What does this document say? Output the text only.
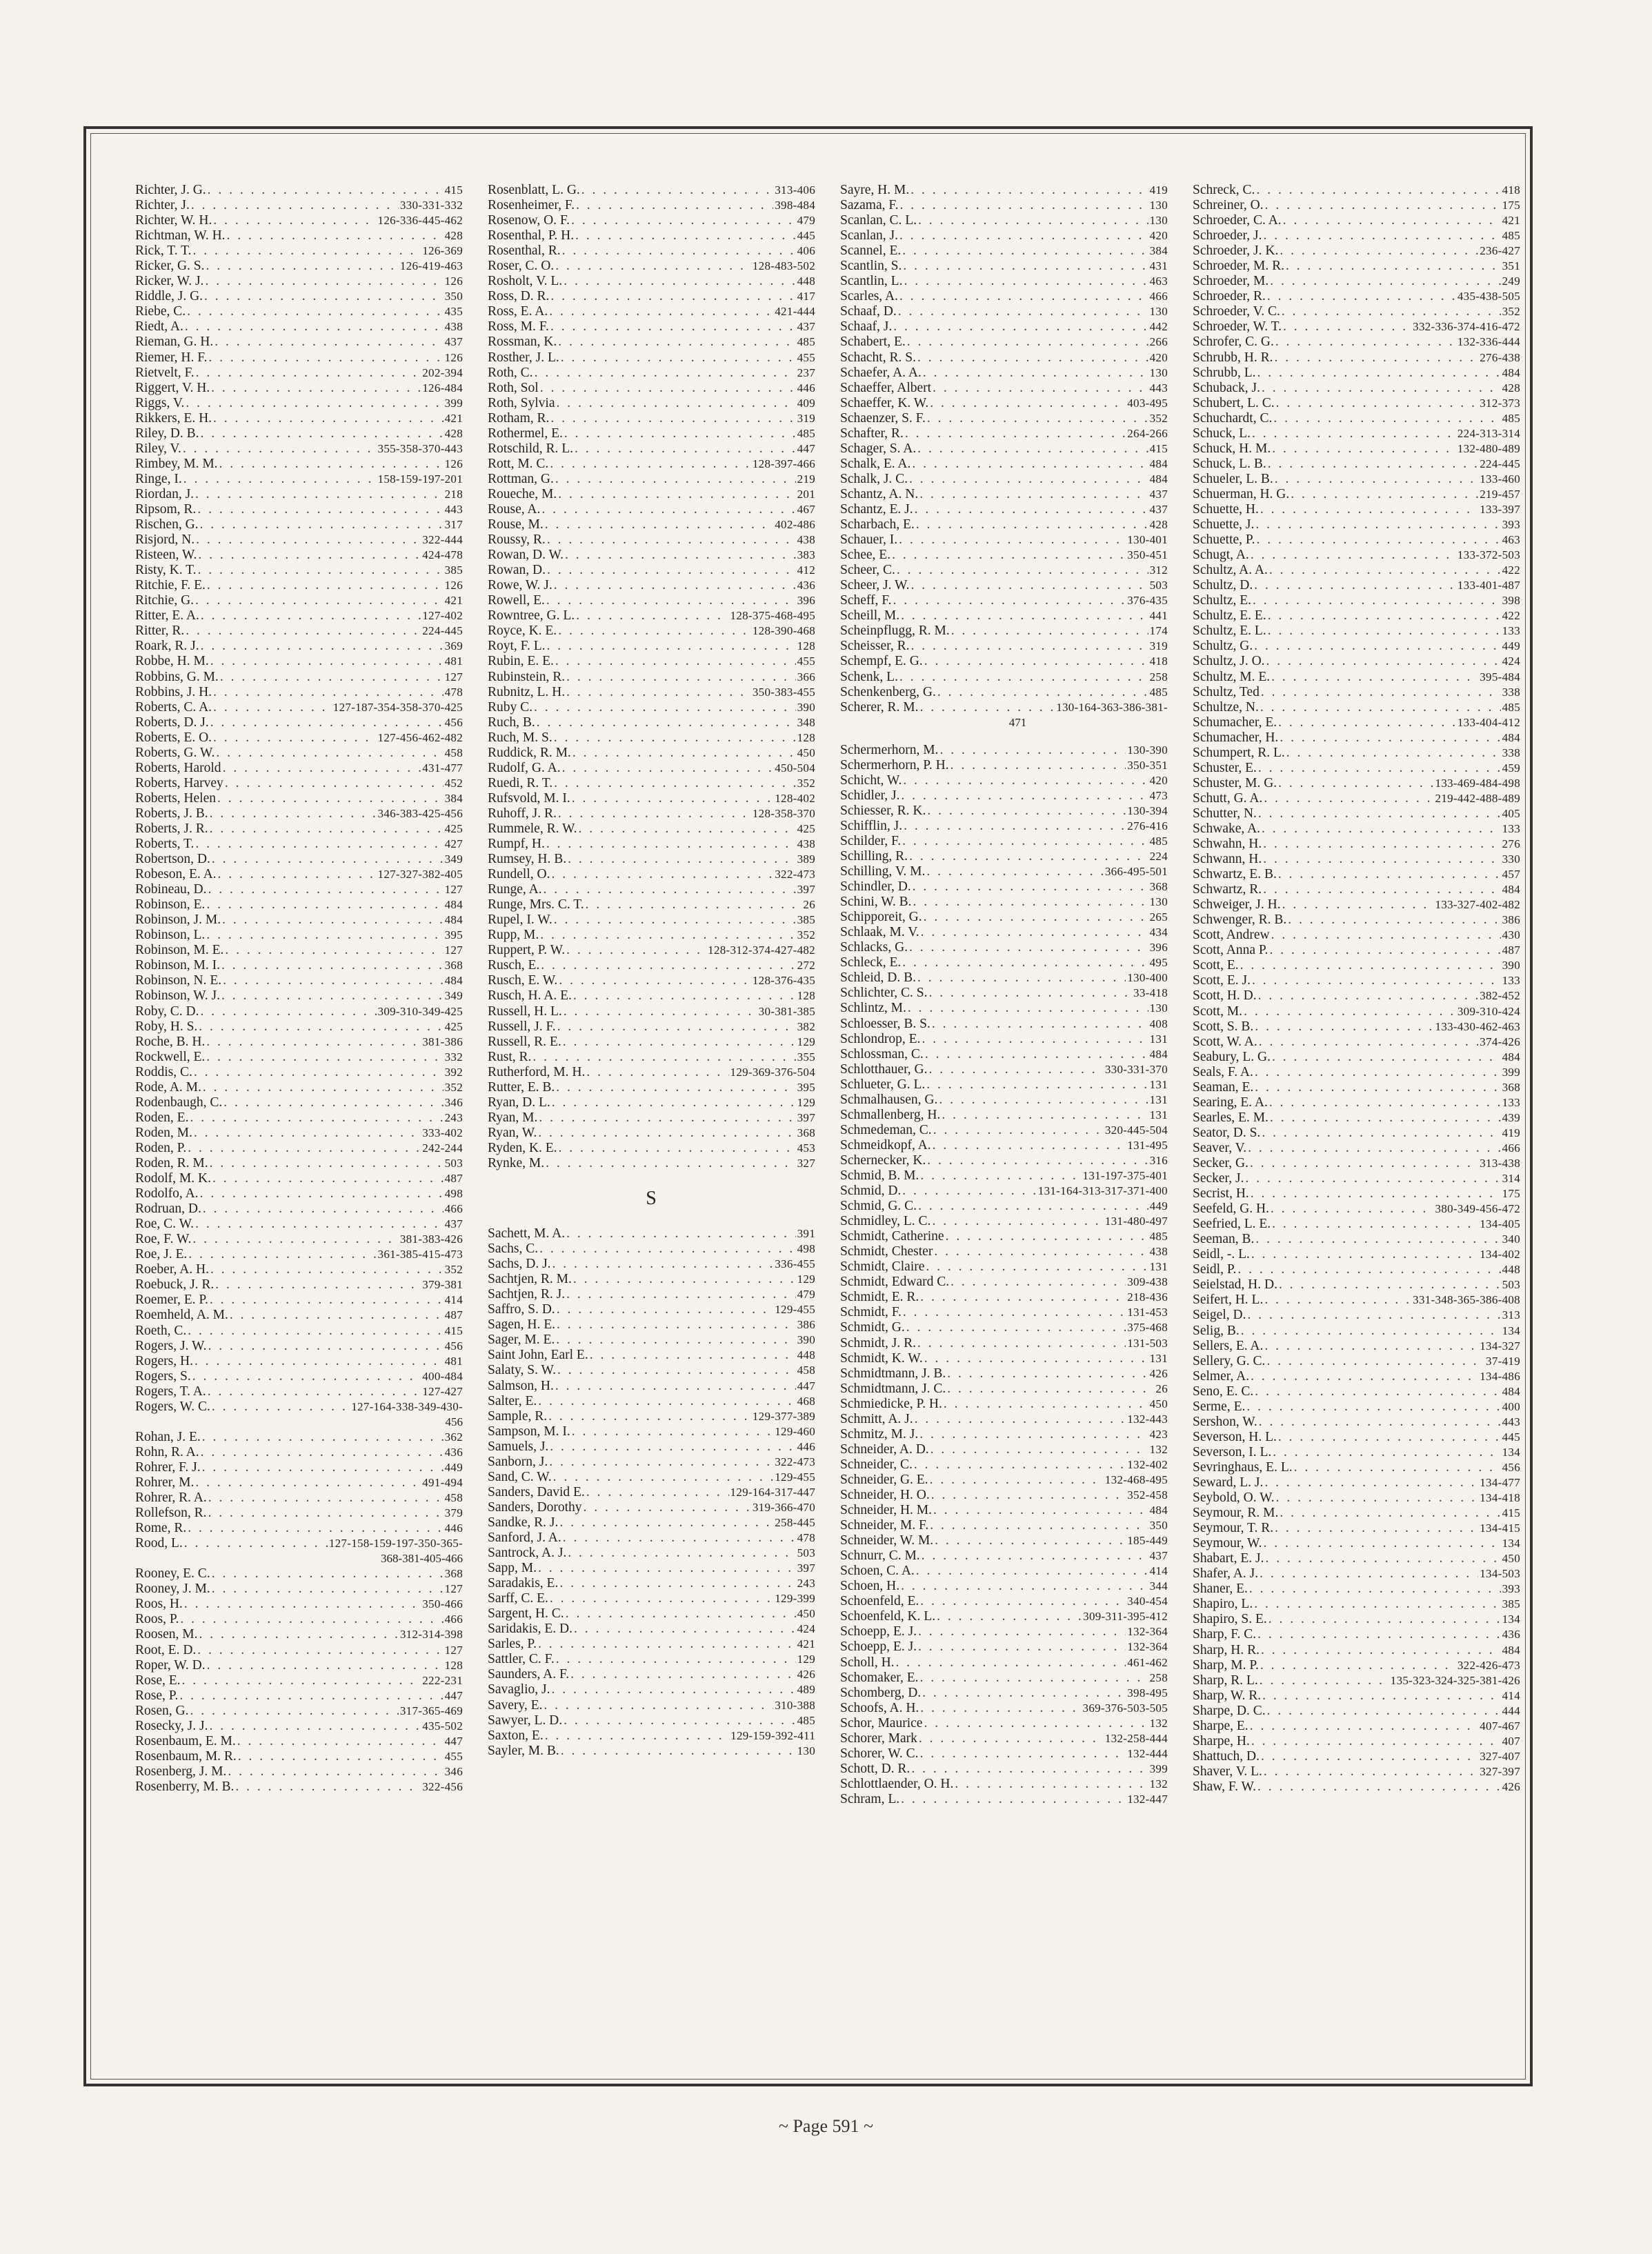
Richter, J. G. . . .	415
Richter, J. . . .	330-331-332
Richter, W. H. . . .	126-336-445-462
Richtman, W. H. . . .	428
Rick, T. T. . . .	126-369
Ricker, G. S. . . .	126-419-463
Ricker, W. J. . . .	126
Riddle, J. G. . . .	350
Riebe, C. . . .	435
Riedt, A. . . .	438
Rieman, G. H. . . .	437
Riemer, H. F. . . .	126
Rietvelt, F. . . .	202-394
Riggert, V. H. . . .	126-484
Riggs, V. . . .	399
Rikkers, E. H. . . .	421
Riley, D. B. . . .	428
Riley, V. . . .	355-358-370-443
Rimbey, M. M. . . .	126
Ringe, I. . . .	158-159-197-201
Riordan, J. . . .	218
Ripsom, R. . . .	443
Rischen, G. . . .	317
Risjord, N. . . .	322-444
Risteen, W. . . .	424-478
Risty, K. T. . . .	385
Ritchie, F. E. . . .	126
Ritchie, G. . . .	421
Ritter, E. A. . . .	127-402
Ritter, R. . . .	224-445
Roark, R. J. . . .	369
Robbe, H. M. . . .	481
Robbins, G. M. . . .	127
Robbins, J. H. . . .	478
Roberts, C. A. . . .	127-187-354-358-370-425
Roberts, D. J. . . .	456
Roberts, E. O. . . .	127-456-462-482
Roberts, G. W. . . .	458
Roberts, Harold . . .	431-477
Roberts, Harvey . . .	452
Roberts, Helen . . .	384
Roberts, J. B. . . .	346-383-425-456
Roberts, J. R. . . .	425
Roberts, T. . . .	427
Robertson, D. . . .	349
Robeson, E. A. . . .	127-327-382-405
Robineau, D. . . .	127
Robinson, E. . . .	484
Robinson, J. M. . . .	484
Robinson, L. . . .	395
Robinson, M. E. . . .	127
Robinson, M. I. . . .	368
Robinson, N. E. . . .	484
Robinson, W. J. . . .	349
Roby, C. D. . . .	309-310-349-425
Roby, H. S. . . .	425
Roche, B. H. . . .	381-386
Rockwell, E. . . .	332
Roddis, C. . . .	392
Rode, A. M. . . .	352
Rodenbaugh, C. . . .	346
Roden, E. . . .	243
Roden, M. . . .	333-402
Roden, P. . . .	242-244
Roden, R. M. . . .	503
Rodolf, M. K. . . .	487
Rodolfo, A. . . .	498
Rodruan, D. . . .	466
Roe, C. W. . . .	437
Roe, F. W. . . .	381-383-426
Roe, J. E. . . .	361-385-415-473
Roeber, A. H. . . .	352
Roebuck, J. R. . . .	379-381
Roemer, E. P. . . .	414
Roemheld, A. M. . . .	487
Roeth, C. . . .	415
Rogers, J. W. . . .	456
Rogers, H. . . .	481
Rogers, S. . . .	400-484
Rogers, T. A. . . .	127-427
Rogers, W. C. . . .	127-164-338-349-430-
456
Rohan, J. E. . . .	362
Rohn, R. A. . . .	436
Rohrer, F. J. . . .	449
Rohrer, M. . . .	491-494
Rohrer, R. A. . . .	458
Rollefson, R. . . .	379
Rome, R. . . .	446
Rood, L. . . .	127-158-159-197-350-365-
368-381-405-466
Rooney, E. C. . . .	368
Rooney, J. M. . . .	127
Roos, H. . . .	350-466
Roos, P. . . .	466
Roosen, M. . . .	312-314-398
Root, E. D. . . .	127
Roper, W. D. . . .	128
Rose, E. . . .	222-231
Rose, P. . . .	447
Rosen, G. . . .	317-365-469
Rosecky, J. J. . . .	435-502
Rosenbaum, E. M. . . .	447
Rosenbaum, M. R. . . .	455
Rosenberg, J. M. . . .	346
Rosenberry, M. B. . . .	322-456
Rosenblatt, L. G. . . .	313-406
Rosenheimer, F. . . .	398-484
Rosenow, O. F. . . .	479
Rosenthal, P. H. . . .	445
Rosenthal, R. . . .	406
Roser, C. O. . . .	128-483-502
Rosholt, V. L. . . .	448
Ross, D. R. . . .	417
Ross, E. A. . . .	421-444
Ross, M. F. . . .	437
Rossman, K. . . .	485
Rosther, J. L. . . .	455
Roth, C. . . .	237
Roth, Sol . . .	446
Roth, Sylvia . . .	409
Rotham, R. . . .	319
Rothermel, E. . . .	485
Rotschild, R. L. . . .	447
Rott, M. C. . . .	128-397-466
Rottman, G. . . .	219
Roueche, M. . . .	201
Rouse, A. . . .	467
Rouse, M. . . .	402-486
Roussy, R. . . .	438
Rowan, D. W. . . .	383
Rowan, D. . . .	412
Rowe, W. J. . . .	436
Rowell, E. . . .	396
Rowntree, G. L. . . .	128-375-468-495
Royce, K. E. . . .	128-390-468
Royt, F. L. . . .	128
Rubin, E. E. . . .	455
Rubinstein, R. . . .	366
Rubnitz, L. H. . . .	350-383-455
Ruby C. . . .	390
Ruch, B. . . .	348
Ruch, M. S. . . .	128
Ruddick, R. M. . . .	450
Rudolf, G. A. . . .	450-504
Ruedi, R. T. . . .	352
Rufsvold, M. I. . . .	128-402
Ruhoff, J. R. . . .	128-358-370
Rummele, R. W. . . .	425
Rumpf, H. . . .	438
Rumsey, H. B. . . .	389
Rundell, O. . . .	322-473
Runge, A. . . .	397
Runge, Mrs. C. T. . . .	26
Rupel, I. W. . . .	385
Rupp, M. . . .	352
Ruppert, P. W. . . .	128-312-374-427-482
Rusch, E. . . .	272
Rusch, E. W. . . .	128-376-435
Rusch, H. A. E. . . .	128
Russell, H. L. . . .	30-381-385
Russell, J. F. . . .	382
Russell, R. E. . . .	129
Rust, R. . . .	355
Rutherford, M. H. . . .	129-369-376-504
Rutter, E. B. . . .	395
Ryan, D. L. . . .	129
Ryan, M. . . .	397
Ryan, W. . . .	368
Ryden, K. E. . . .	453
Rynke, M. . . .	327
S
Sachett, M. A. . . .	391
Sachs, C. . . .	498
Sachs, D. J. . . .	336-455
Sachtjen, R. M. . . .	129
Sachtjen, R. J. . . .	479
Saffro, S. D. . . .	129-455
Sagen, H. E. . . .	386
Sager, M. E. . . .	390
Saint John, Earl E. . . .	448
Salaty, S. W. . . .	458
Salmson, H. . . .	447
Salter, E. . . .	468
Sample, R. . . .	129-377-389
Sampson, M. I. . . .	129-460
Samuels, J. . . .	446
Sanborn, J. . . .	322-473
Sand, C. W. . . .	129-455
Sanders, David E. . . .	129-164-317-447
Sanders, Dorothy . . .	319-366-470
Sandke, R. J. . . .	258-445
Sanford, J. A. . . .	478
Santrock, A. J. . . .	503
Sapp, M. . . .	397
Saradakis, E. . . .	243
Sarff, C. E. . . .	129-399
Sargent, H. C. . . .	450
Saridakis, E. D. . . .	424
Sarles, P. . . .	421
Sattler, C. F. . . .	129
Saunders, A. F. . . .	426
Savaglio, J. . . .	489
Savery, E. . . .	310-388
Sawyer, L. D. . . .	485
Saxton, E. . . .	129-159-392-411
Sayler, M. B. . . .	130
Sayre, H. M. . . .	419
Sazama, F. . . .	130
Scanlan, C. L. . . .	130
Scanlan, J. . . .	420
Scannel, E. . . .	384
Scantlin, S. . . .	431
Scantlin, L. . . .	463
Scarles, A. . . .	466
Schaaf, D. . . .	130
Schaaf, J. . . .	442
Schabert, E. . . .	266
Schacht, R. S. . . .	420
Schaefer, A. A. . . .	130
Schaeffer, Albert . . .	443
Schaeffer, K. W. . . .	403-495
Schaenzer, S. F. . . .	352
Schafter, R. . . .	264-266
Schager, S. A. . . .	415
Schalk, E. A. . . .	484
Schalk, J. C. . . .	484
Schantz, A. N. . . .	437
Schantz, E. J. . . .	437
Scharbach, E. . . .	428
Schauer, I. . . .	130-401
Schee, E. . . .	350-451
Scheer, C. . . .	312
Scheer, J. W. . . .	503
Scheff, F. . . .	376-435
Scheill, M. . . .	441
Scheinpflugg, R. M. . . .	174
Scheisser, R. . . .	319
Schempf, E. G. . . .	418
Schenk, L. . . .	258
Schenkenberg, G. . . .	485
Scherer, R. M. . . .	130-164-363-386-381-
471
Schermerhorn, M. . . .	130-390
Schermerhorn, P. H. . . .	350-351
Schicht, W. . . .	420
Schidler, J. . . .	473
Schiesser, R. K. . . .	130-394
Schifflin, J. . . .	276-416
Schilder, F. . . .	485
Schilling, R. . . .	224
Schilling, V. M. . . .	366-495-501
Schindler, D. . . .	368
Schini, W. B. . . .	130
Schipporeit, G. . . .	265
Schlaak, M. V. . . .	434
Schlacks, G. . . .	396
Schleck, E. . . .	495
Schleid, D. B. . . .	130-400
Schlichter, C. S. . . .	33-418
Schlintz, M. . . .	130
Schloesser, B. S. . . .	408
Schlondrop, E. . . .	131
Schlossman, C. . . .	484
Schlotthauer, G. . . .	330-331-370
Schlueter, G. L. . . .	131
Schmalhausen, G. . . .	131
Schmallenberg, H. . . .	131
Schmedeman, C. . . .	320-445-504
Schmeidkopf, A. . . .	131-495
Schernecker, K. . . .	316
Schmid, B. M. . . .	131-197-375-401
Schmid, D. . . .	131-164-313-317-371-400
Schmid, G. C. . . .	449
Schmidley, L. C. . . .	131-480-497
Schmidt, Catherine . . .	485
Schmidt, Chester . . .	438
Schmidt, Claire . . .	131
Schmidt, Edward C. . . .	309-438
Schmidt, E. R. . . .	218-436
Schmidt, F. . . .	131-453
Schmidt, G. . . .	375-468
Schmidt, J. R. . . .	131-503
Schmidt, K. W. . . .	131
Schmidtmann, J. B. . . .	426
Schmidtmann, J. C. . . .	26
Schmiedicke, P. H. . . .	450
Schmitt, A. J. . . .	132-443
Schmitz, M. J. . . .	423
Schneider, A. D. . . .	132
Schneider, C. . . .	132-402
Schneider, G. E. . . .	132-468-495
Schneider, H. O. . . .	352-458
Schneider, H. M. . . .	484
Schneider, M. F. . . .	350
Schneider, W. M. . . .	185-449
Schnurr, C. M. . . .	437
Schoen, C. A. . . .	414
Schoen, H. . . .	344
Schoenfeld, E. . . .	340-454
Schoenfeld, K. L. . . .	309-311-395-412
Schoepp, E. J. . . .	132-364
Schoepp, E. J. . . .	132-364
Scholl, H. . . .	461-462
Schomaker, E. . . .	258
Schomberg, D. . . .	398-495
Schoofs, A. H. . . .	369-376-503-505
Schor, Maurice . . .	132
Schorer, Mark . . .	132-258-444
Schorer, W. C. . . .	132-444
Schott, D. R. . . .	399
Schlottlaender, O. H. . . .	132
Schram, L. . . .	132-447
Schreck, C. . . .	418
Schreiner, O. . . .	175
Schroeder, C. A. . . .	421
Schroeder, J. . . .	485
Schroeder, J. K. . . .	236-427
Schroeder, M. R. . . .	351
Schroeder, M. . . .	249
Schroeder, R. . . .	435-438-505
Schroeder, V. C. . . .	352
Schroeder, W. T. . . .	332-336-374-416-472
Schrofer, C. G. . . .	132-336-444
Schrubb, H. R. . . .	276-438
Schrubb, L. . . .	484
Schuback, J. . . .	428
Schubert, L. C. . . .	312-373
Schuchardt, C. . . .	485
Schuck, L. . . .	224-313-314
Schuck, H. M. . . .	132-480-489
Schuck, L. B. . . .	224-445
Schueler, L. B. . . .	133-460
Schuerman, H. G. . . .	219-457
Schuette, H. . . .	133-397
Schuette, J. . . .	393
Schuette, P. . . .	463
Schugt, A. . . .	133-372-503
Schultz, A. A. . . .	422
Schultz, D. . . .	133-401-487
Schultz, E. . . .	398
Schultz, E. E. . . .	422
Schultz, E. L. . . .	133
Schultz, G. . . .	449
Schultz, J. O. . . .	424
Schultz, M. E. . . .	395-484
Schultz, Ted . . .	338
Schultze, N. . . .	485
Schumacher, E. . . .	133-404-412
Schumacher, H. . . .	484
Schumpert, R. L. . . .	338
Schuster, E. . . .	459
Schuster, M. G. . . .	133-469-484-498
Schutt, G. A. . . .	219-442-488-489
Schutter, N. . . .	405
Schwake, A. . . .	133
Schwahn, H. . . .	276
Schwann, H. . . .	330
Schwartz, E. B. . . .	457
Schwartz, R. . . .	484
Schweiger, J. H. . . .	133-327-402-482
Schwenger, R. B. . . .	386
Scott, Andrew . . .	430
Scott, Anna P. . . .	487
Scott, E. . . .	390
Scott, E. J. . . .	133
Scott, H. D. . . .	382-452
Scott, M. . . .	309-310-424
Scott, S. B. . . .	133-430-462-463
Scott, W. A. . . .	374-426
Seabury, L. G. . . .	484
Seals, F. A. . . .	399
Seaman, E. . . .	368
Searing, E. A. . . .	133
Searles, E. M. . . .	439
Seator, D. S. . . .	419
Seaver, V. . . .	466
Secker, G. . . .	313-438
Secker, J. . . .	314
Secrist, H. . . .	175
Seefeld, G. H. . . .	380-349-456-472
Seefried, L. E. . . .	134-405
Seeman, B. . . .	340
Seidl, -. L. . . .	134-402
Seidl, P. . . .	448
Seielstad, H. D. . . .	503
Seifert, H. L. . . .	331-348-365-386-408
Seigel, D. . . .	313
Selig, B. . . .	134
Sellers, E. A. . . .	134-327
Sellery, G. C. . . .	37-419
Selmer, A. . . .	134-486
Seno, E. C. . . .	484
Serme, E. . . .	400
Sershon, W. . . .	443
Severson, H. L. . . .	445
Severson, I. L. . . .	134
Sevringhaus, E. L. . . .	456
Seward, L. J. . . .	134-477
Seybold, O. W. . . .	134-418
Seymour, R. M. . . .	415
Seymour, T. R. . . .	134-415
Seymour, W. . . .	134
Shabart, E. J. . . .	450
Shafer, A. J. . . .	134-503
Shaner, E. . . .	393
Shapiro, L. . . .	385
Shapiro, S. E. . . .	134
Sharp, F. C. . . .	436
Sharp, H. R. . . .	484
Sharp, M. P. . . .	322-426-473
Sharp, R. L. . . .	135-323-324-325-381-426
Sharp, W. R. . . .	414
Sharpe, D. C. . . .	444
Sharpe, E. . . .	407-467
Sharpe, H. . . .	407
Shattuch, D. . . .	327-407
Shaver, V. L. . . .	327-397
Shaw, F. W. . . .	426
~ Page 591 ~
